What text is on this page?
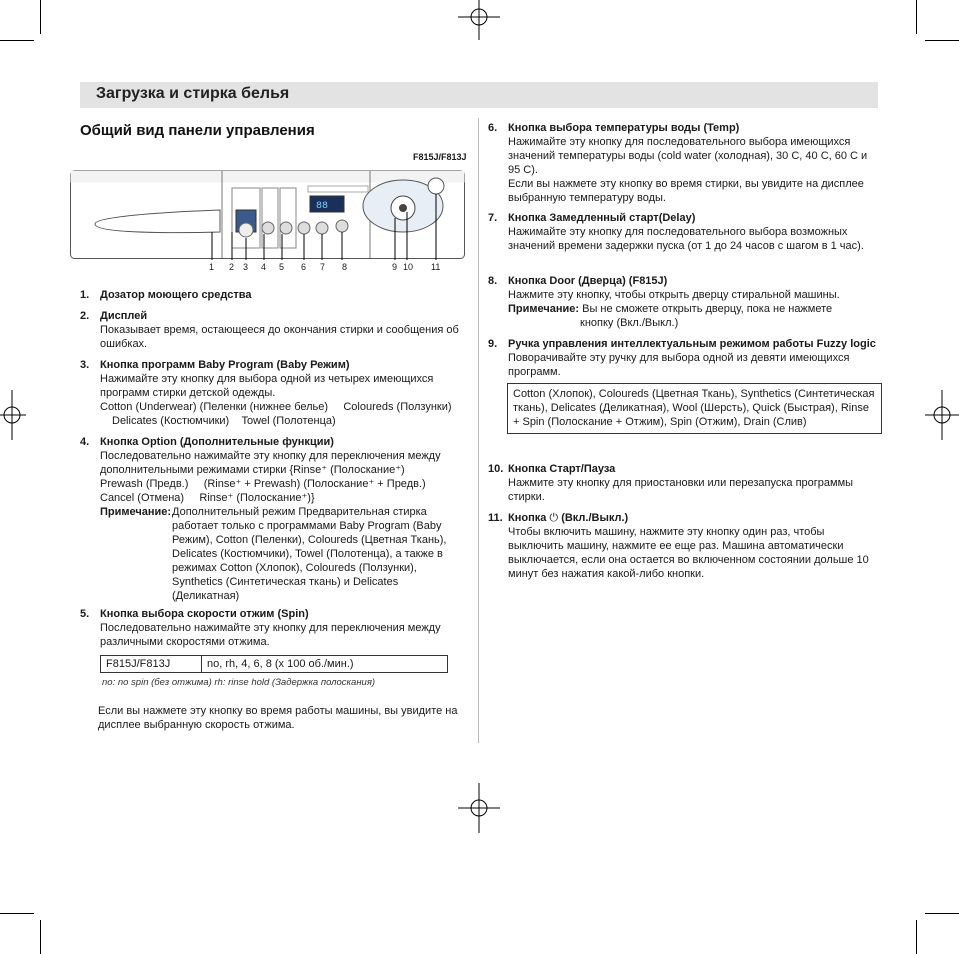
Загрузка и стирка белья
Общий вид панели управления
F815J/F813J
88
1 2 3 4 5 6 7 8	9 10 11
1. Дозатор моющего средства
2. Дисплей

Показывает время, остающееся до окончания стирки и сообщения об ошибках.

3. Кнопка программ Baby Program (Baby Режим)

Нажимайте эту кнопку для выбора одной из четырех имеющихся программ стирки детской одежды.

Cotton (Underwear) (Пеленки (нижнее белье) Coloureds (Ползунки)

Delicates (Костюмчики) Towel (Полотенца)

4. Кнопка Option (Дополнительные функции)

Последовательно нажимайте эту кнопку для переключения между дополнительными режимами стирки {Rinse⁺ (Полоскание⁺)

Prewash (Предв.) (Rinse⁺ + Prewash) (Полоскание⁺ + Предв.)

Cancel (Отмена) Rinse⁺ (Полоскание⁺)}

Примечание: Дополнительный режим Предварительная стирка работает только с программами Baby Program (Baby Режим), Cotton (Пеленки), Coloureds (Цветная Ткань), Delicates (Костюмчики), Towel (Полотенца), а также в режимах Cotton (Хлопок), Coloureds (Ползунки), Synthetics (Синтетическая ткань) и Delicates (Деликатная)

5. Кнопка выбора скорости отжим (Spin)

Последовательно нажимайте эту кнопку для переключения между различными скоростями отжима.

F815J/F813J	no, rh, 4, 6, 8 (x 100 об./мин.)
no: no spin (без отжима) rh: rinse hold (Задержка полоскания)

Если вы нажмете эту кнопку во время работы машины, вы увидите на дисплее выбранную скорость отжима.

6. Кнопка выбора температуры воды (Temp)

Нажимайте эту кнопку для последовательного выбора имеющихся значений температуры воды (cold water (холодная), 30 C, 40 C, 60 C и 95 C).

Если вы нажмете эту кнопку во время стирки, вы увидите на дисплее выбранную температуру воды.

7. Кнопка Замедленный старт(Delay)

Нажимайте эту кнопку для последовательного выбора возможных значений времени задержки пуска (от 1 до 24 часов с шагом в 1 час).

8. Кнопка Door (Дверца) (F815J)

Нажмите эту кнопку, чтобы открыть дверцу стиральной машины.

Примечание: Вы не сможете открыть дверцу, пока не нажмете

кнопку (Вкл./Выкл.)

9. Ручка управления интеллектуальным режимом работы Fuzzy logic

Поворачивайте эту ручку для выбора одной из девяти имеющихся программ.

Cotton (Хлопок), Coloureds (Цветная Ткань), Synthetics (Синтетическая ткань), Delicates (Деликатная), Wool (Шерсть), Quick (Быстрая), Rinse + Spin (Полоскание + Отжим), Spin (Отжим), Drain (Слив)
10. Кнопка Старт/Пауза

Нажмите эту кнопку для приостановки или перезапуска программы стирки.

11. Кнопка ⏻ (Вкл./Выкл.)

Чтобы включить машину, нажмите эту кнопку один раз, чтобы выключить машину, нажмите ее еще раз. Машина автоматически выключается, если она остается во включенном состоянии дольше 10 минут без нажатия какой-либо кнопки.
